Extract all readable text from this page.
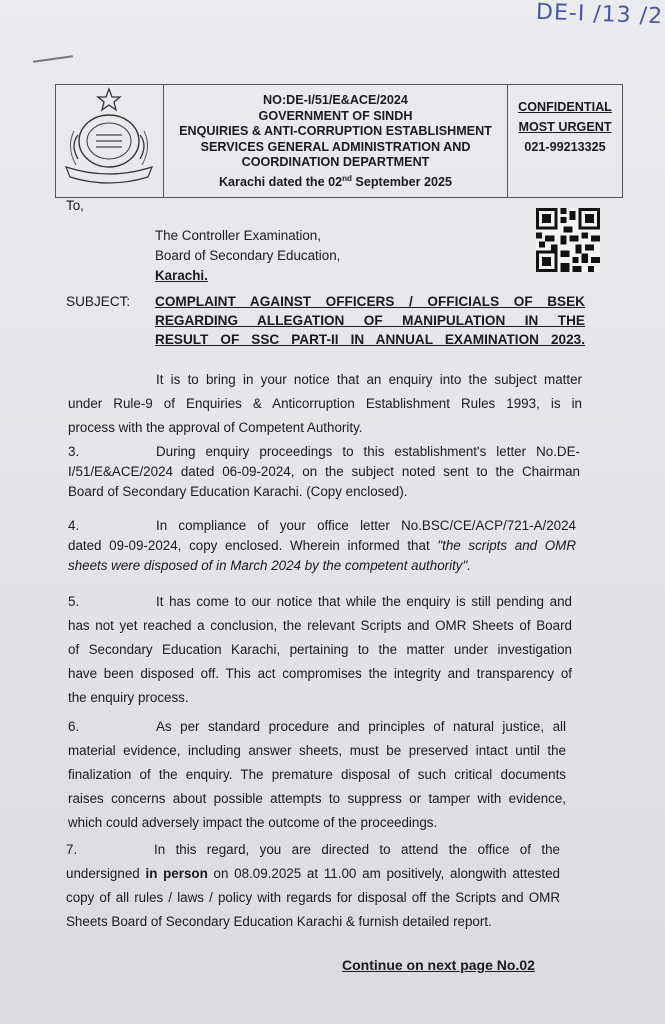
DE-I /13 /2
NO:DE-I/51/E&ACE/2024
GOVERNMENT OF SINDH
ENQUIRIES & ANTI-CORRUPTION ESTABLISHMENT
SERVICES GENERAL ADMINISTRATION AND
COORDINATION DEPARTMENT
Karachi dated the 02nd September 2025
CONFIDENTIAL
MOST URGENT
021-99213325
To,
The Controller Examination,
Board of Secondary Education,
Karachi.
SUBJECT: COMPLAINT AGAINST OFFICERS / OFFICIALS OF BSEK
REGARDING ALLEGATION OF MANIPULATION IN THE
RESULT OF SSC PART-II IN ANNUAL EXAMINATION 2023.
It is to bring in your notice that an enquiry into the subject matter
under Rule-9 of Enquiries & Anticorruption Establishment Rules 1993, is in
process with the approval of Competent Authority.
3.	During enquiry proceedings to this establishment's letter No.DE-
I/51/E&ACE/2024 dated 06-09-2024, on the subject noted sent to the Chairman
Board of Secondary Education Karachi. (Copy enclosed).
4.	In compliance of your office letter No.BSC/CE/ACP/721-A/2024
dated 09-09-2024, copy enclosed. Wherein informed that "the scripts and OMR
sheets were disposed of in March 2024 by the competent authority".
5.	It has come to our notice that while the enquiry is still pending and
has not yet reached a conclusion, the relevant Scripts and OMR Sheets of Board
of Secondary Education Karachi, pertaining to the matter under investigation
have been disposed off. This act compromises the integrity and transparency of
the enquiry process.
6.	As per standard procedure and principles of natural justice, all
material evidence, including answer sheets, must be preserved intact until the
finalization of the enquiry. The premature disposal of such critical documents
raises concerns about possible attempts to suppress or tamper with evidence,
which could adversely impact the outcome of the proceedings.
7.	In this regard, you are directed to attend the office of the
undersigned in person on 08.09.2025 at 11.00 am positively, alongwith attested
copy of all rules / laws / policy with regards for disposal off the Scripts and OMR
Sheets Board of Secondary Education Karachi & furnish detailed report.
Continue on next page No.02
